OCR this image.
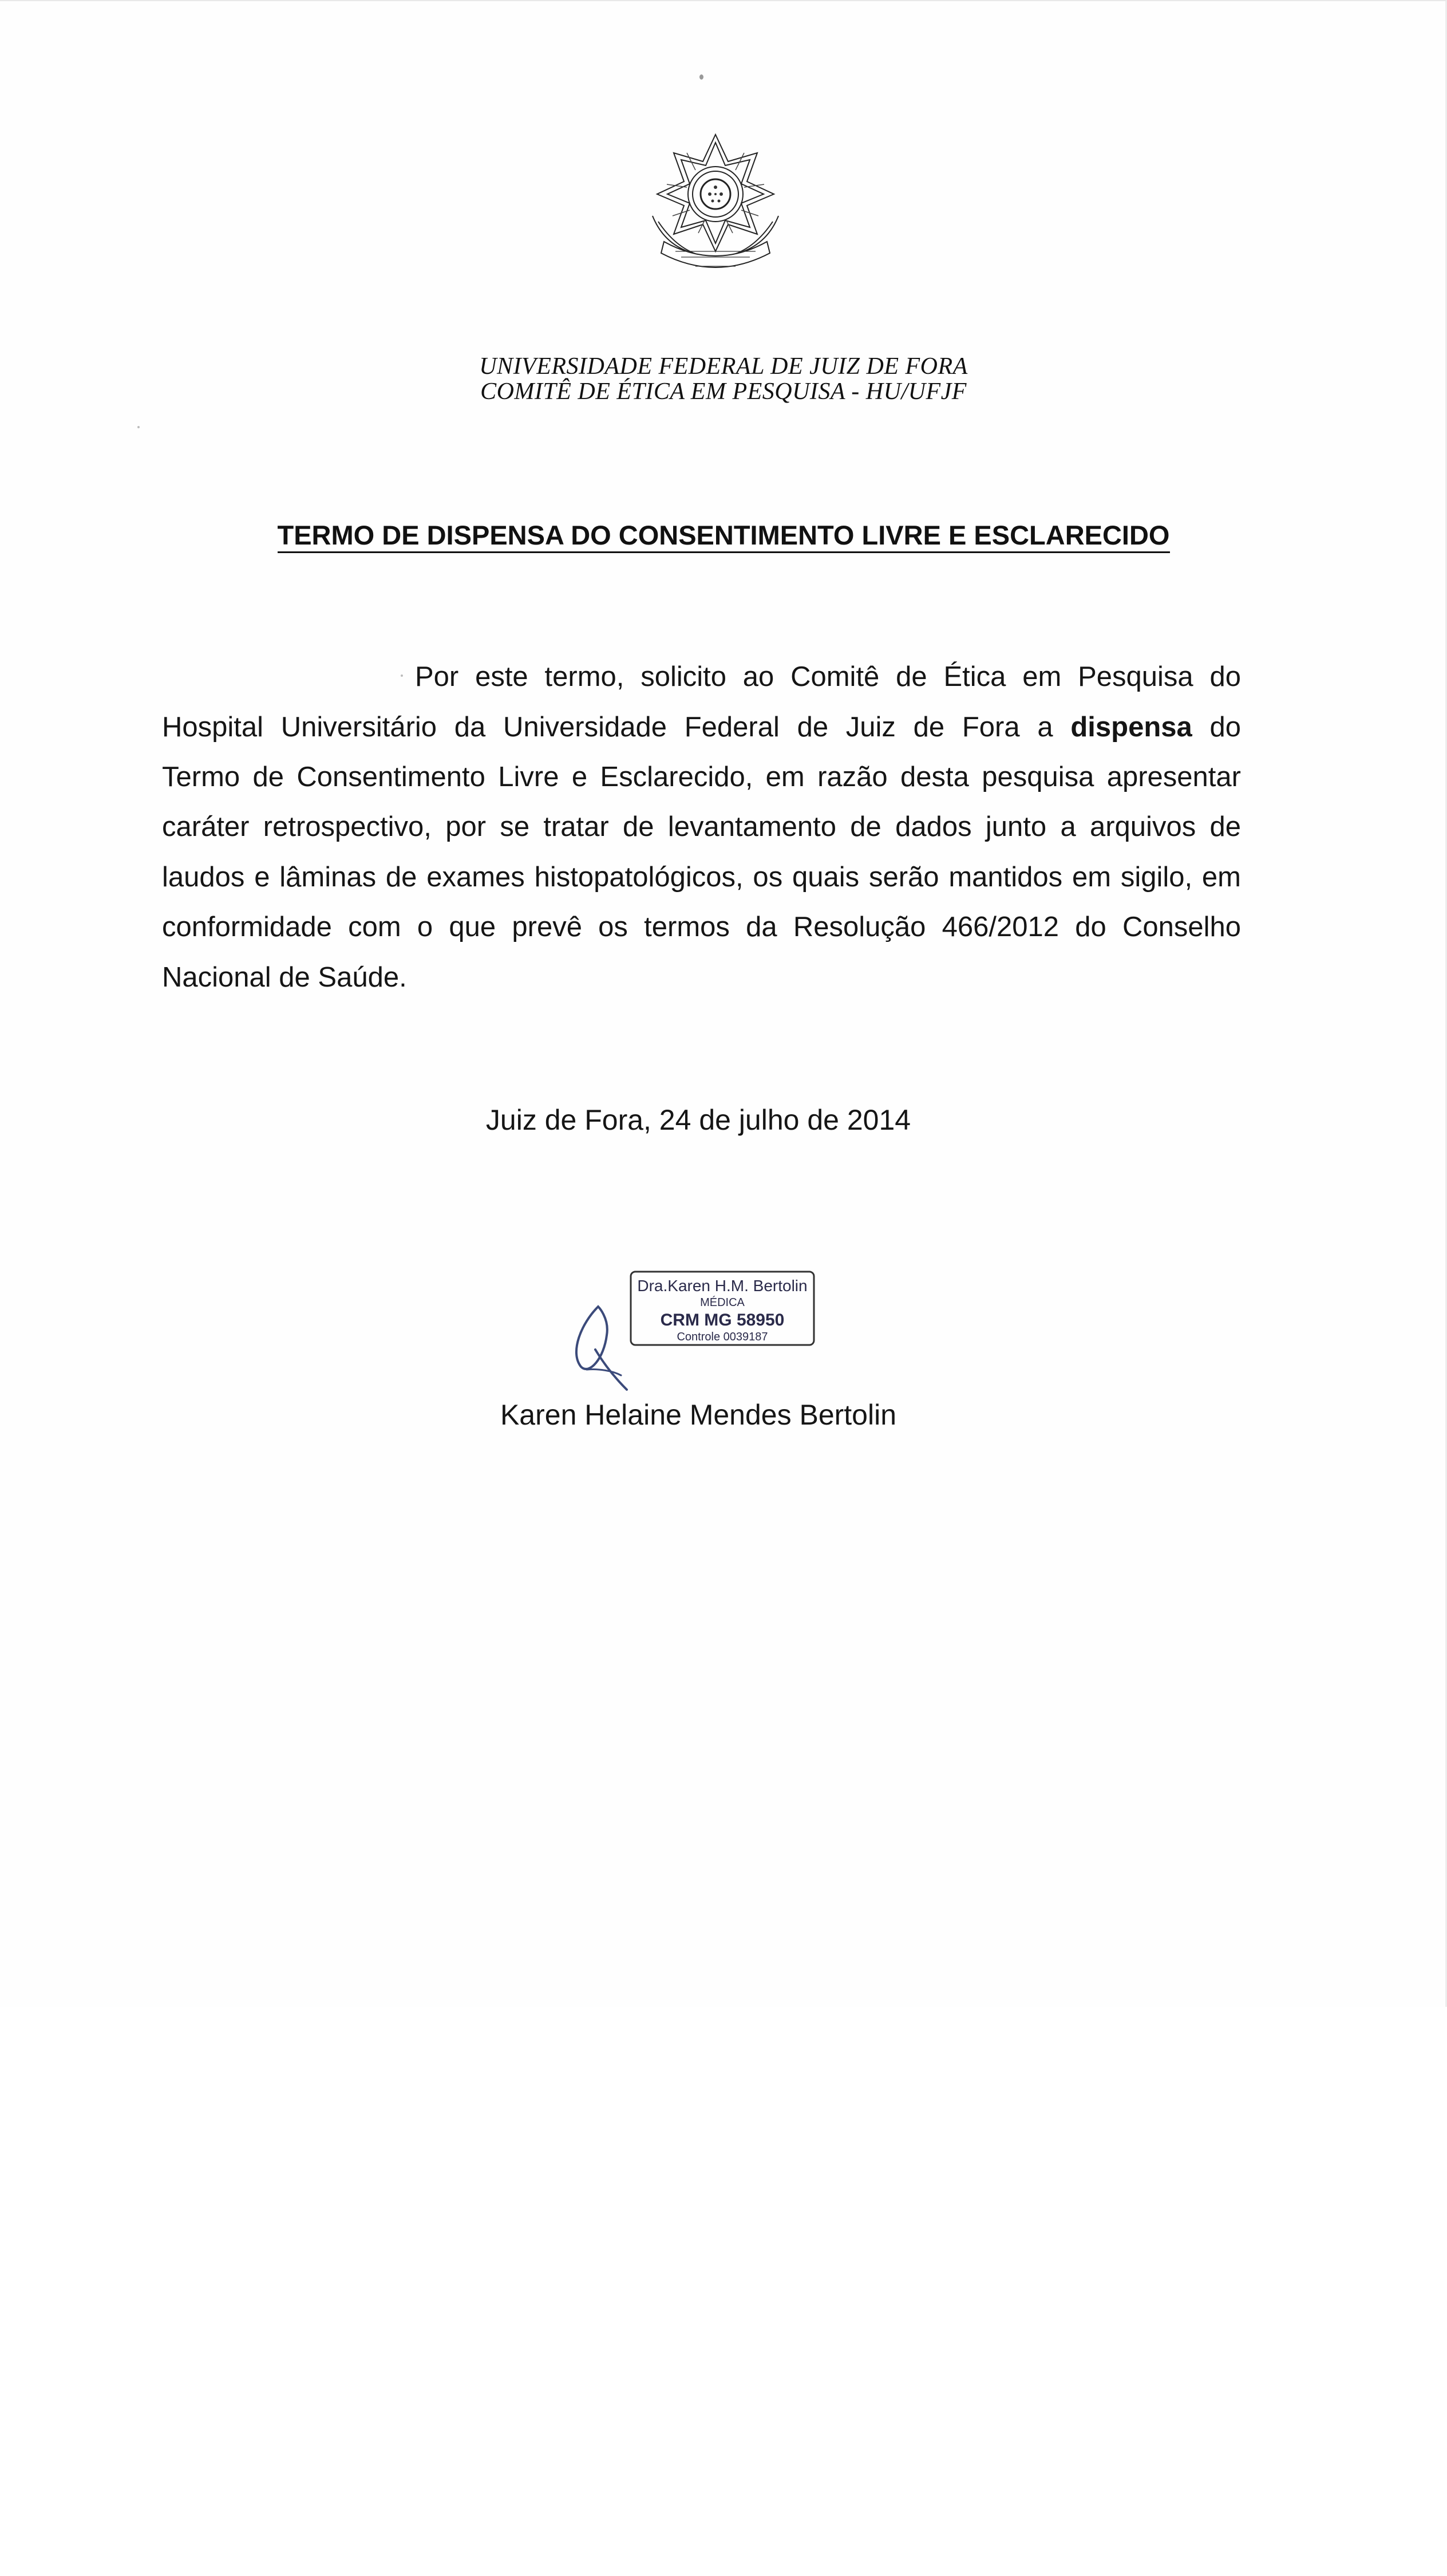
UNIVERSIDADE FEDERAL DE JUIZ DE FORA
COMITÊ DE ÉTICA EM PESQUISA - HU/UFJF
TERMO DE DISPENSA DO CONSENTIMENTO LIVRE E ESCLARECIDO
Por este termo, solicito ao Comitê de Ética em Pesquisa do
Hospital Universitário da Universidade Federal de Juiz de Fora a dispensa do
Termo de Consentimento Livre e Esclarecido, em razão desta pesquisa apresentar
caráter retrospectivo, por se tratar de levantamento de dados junto a arquivos de
laudos e lâminas de exames histopatológicos, os quais serão mantidos em sigilo, em
conformidade com o que prevê os termos da Resolução 466/2012 do Conselho
Nacional de Saúde.
Juiz de Fora, 24 de julho de 2014
Dra.Karen H.M. Bertolin
MÉDICA
CRM MG 58950
Controle 0039187
Karen Helaine Mendes Bertolin
